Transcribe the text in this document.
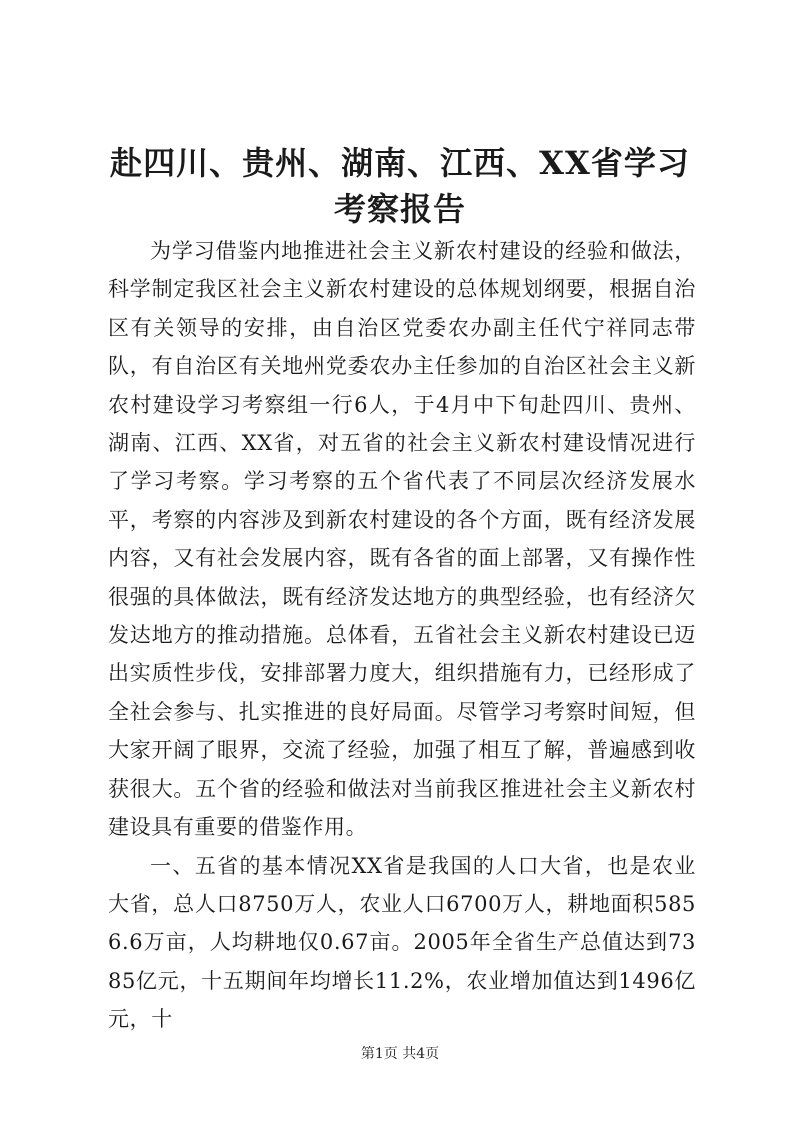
赴四川、贵州、湖南、江西、XX省学习考察报告

为学习借鉴内地推进社会主义新农村建设的经验和做法，科学制定我区社会主义新农村建设的总体规划纲要，根据自治区有关领导的安排，由自治区党委农办副主任代宁祥同志带队，有自治区有关地州党委农办主任参加的自治区社会主义新农村建设学习考察组一行6人，于4月中下旬赴四川、贵州、湖南、江西、XX省，对五省的社会主义新农村建设情况进行了学习考察。学习考察的五个省代表了不同层次经济发展水平，考察的内容涉及到新农村建设的各个方面，既有经济发展内容，又有社会发展内容，既有各省的面上部署，又有操作性很强的具体做法，既有经济发达地方的典型经验，也有经济欠发达地方的推动措施。总体看，五省社会主义新农村建设已迈出实质性步伐，安排部署力度大，组织措施有力，已经形成了全社会参与、扎实推进的良好局面。尽管学习考察时间短，但大家开阔了眼界，交流了经验，加强了相互了解，普遍感到收获很大。五个省的经验和做法对当前我区推进社会主义新农村建设具有重要的借鉴作用。

一、五省的基本情况XX省是我国的人口大省，也是农业大省，总人口8750万人，农业人口6700万人，耕地面积5856.6万亩，人均耕地仅0.67亩。2005年全省生产总值达到7385亿元，十五期间年均增长11.2%，农业增加值达到1496亿元，十

第1页 共4页
